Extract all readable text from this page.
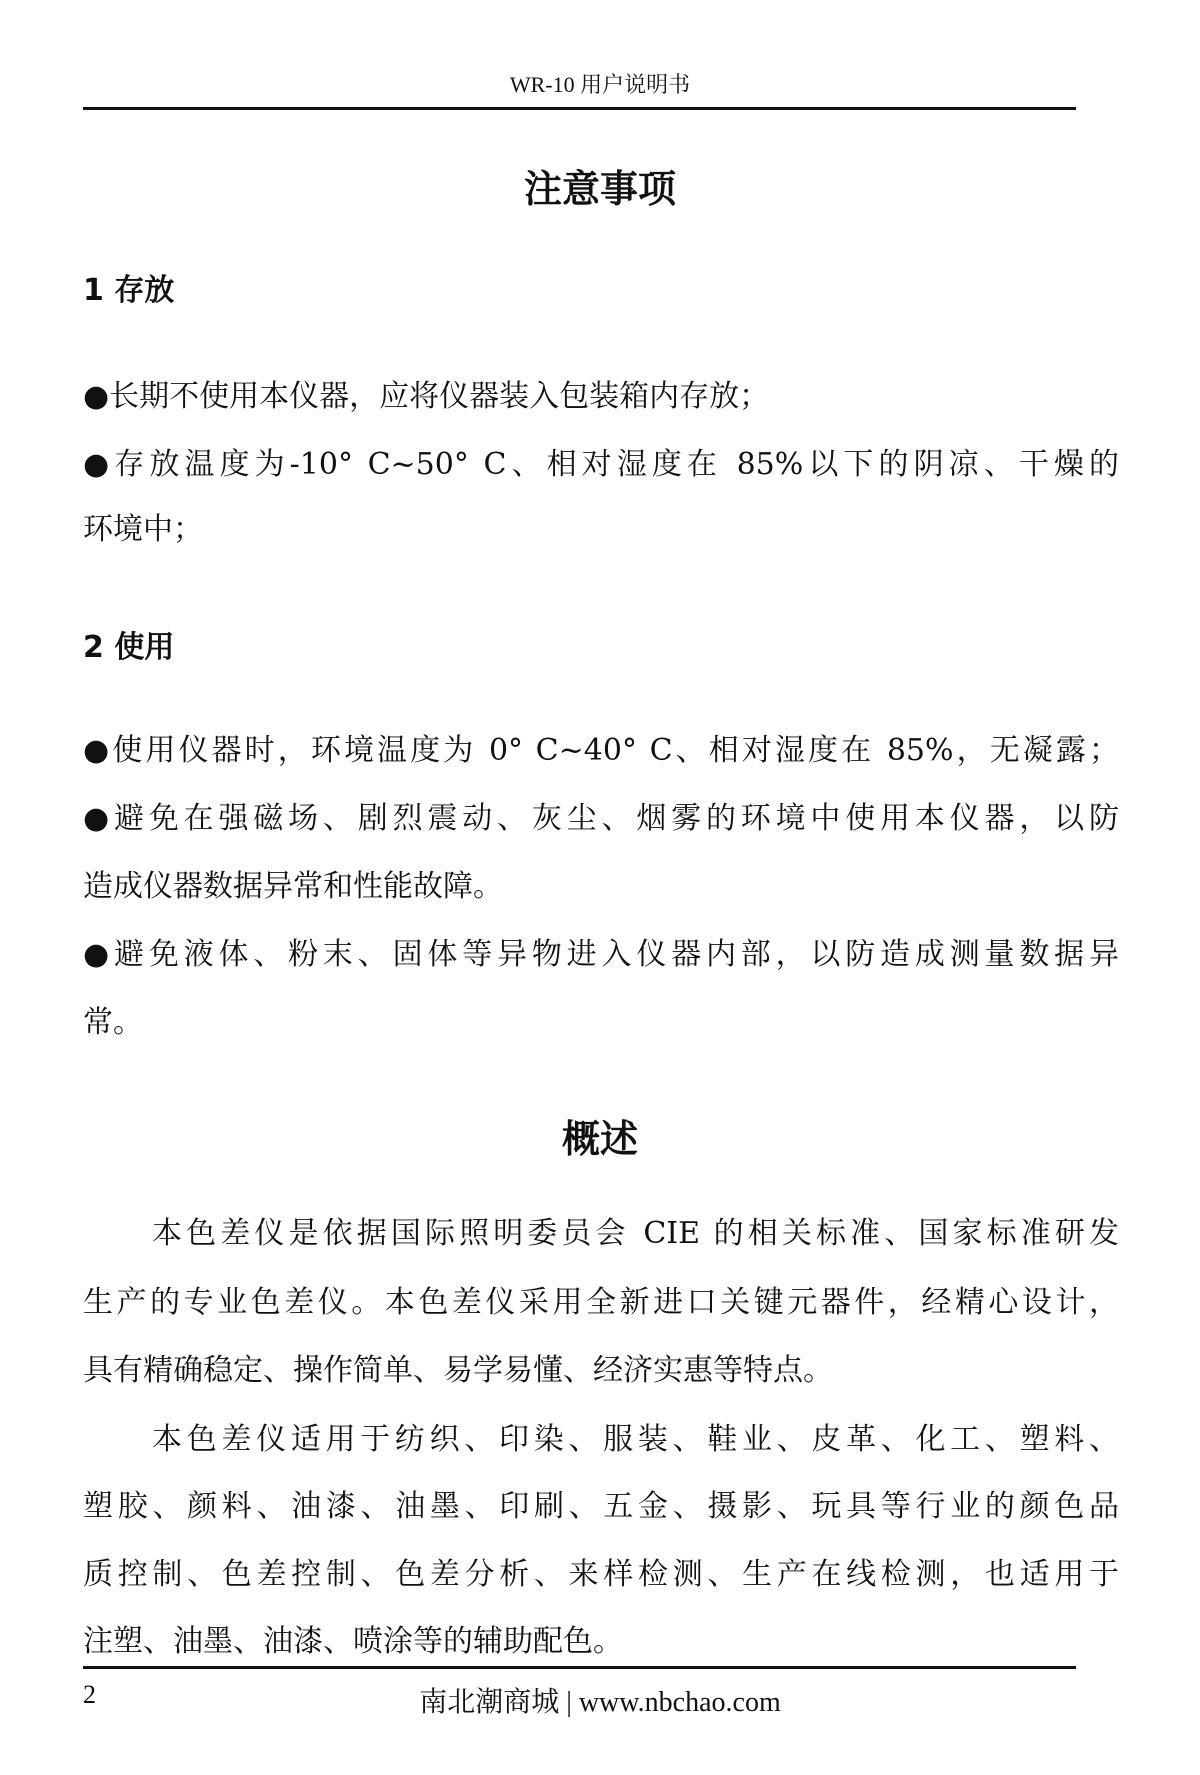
WR-10 用户说明书
注意事项
1 存放
●长期不使用本仪器，应将仪器装入包装箱内存放；
●存放温度为-10° C~50° C、相对湿度在 85%以下的阴凉、干燥的
环境中；
2 使用
●使用仪器时，环境温度为 0° C~40° C、相对湿度在 85%，无凝露；
●避免在强磁场、剧烈震动、灰尘、烟雾的环境中使用本仪器，以防
造成仪器数据异常和性能故障。
●避免液体、粉末、固体等异物进入仪器内部，以防造成测量数据异
常。
概述
本色差仪是依据国际照明委员会 CIE 的相关标准、国家标准研发
生产的专业色差仪。本色差仪采用全新进口关键元器件，经精心设计，
具有精确稳定、操作简单、易学易懂、经济实惠等特点。
本色差仪适用于纺织、印染、服装、鞋业、皮革、化工、塑料、
塑胶、颜料、油漆、油墨、印刷、五金、摄影、玩具等行业的颜色品
质控制、色差控制、色差分析、来样检测、生产在线检测，也适用于
注塑、油墨、油漆、喷涂等的辅助配色。
2	南北潮商城 | www.nbchao.com
